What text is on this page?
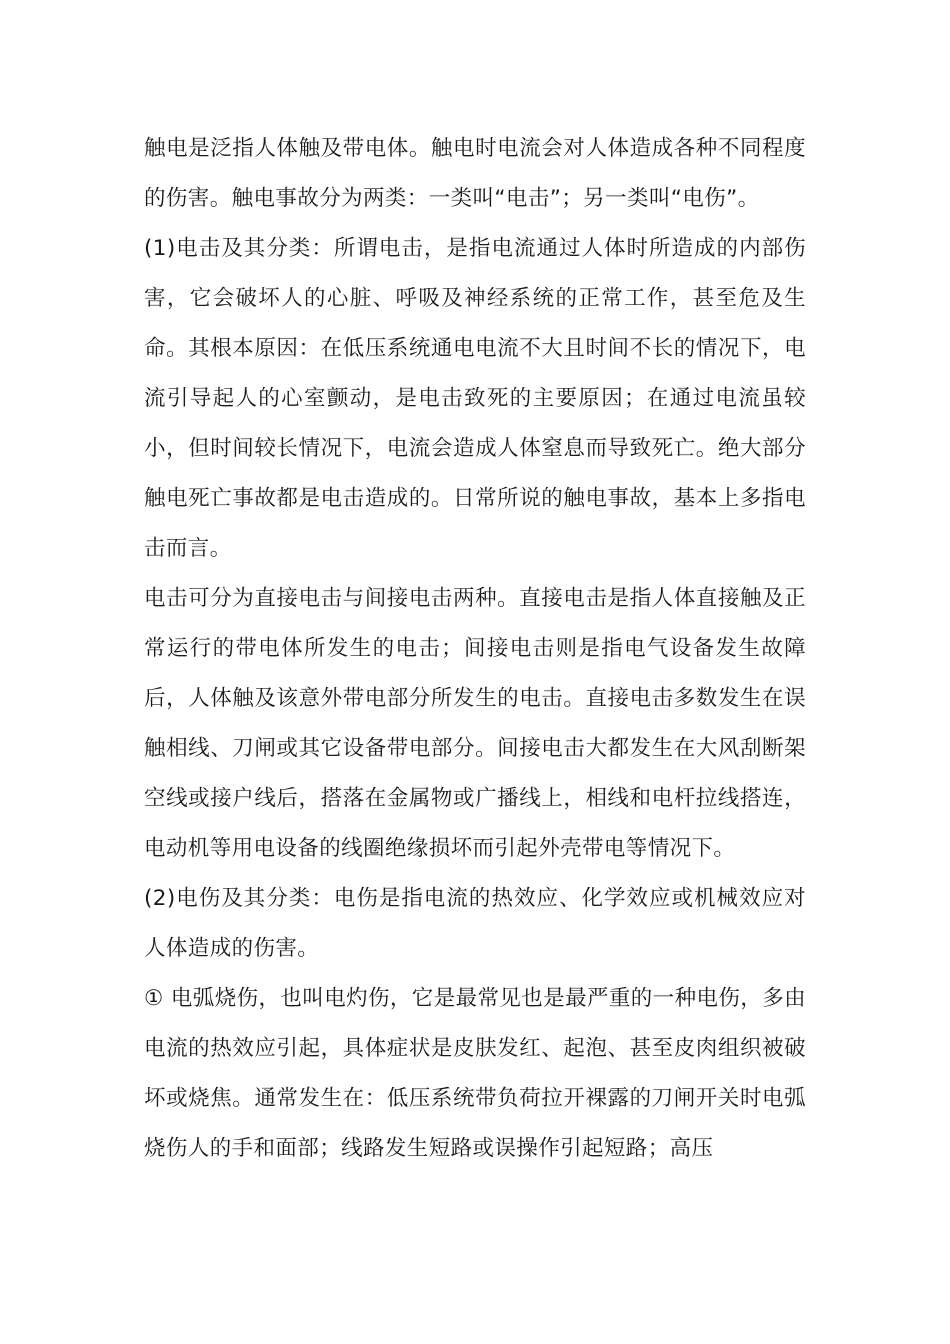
触电是泛指人体触及带电体。触电时电流会对人体造成各种不同程度的伤害。触电事故分为两类：一类叫“电击”；另一类叫“电伤”。

(1)电击及其分类：所谓电击，是指电流通过人体时所造成的内部伤害，它会破坏人的心脏、呼吸及神经系统的正常工作，甚至危及生命。其根本原因：在低压系统通电电流不大且时间不长的情况下，电流引导起人的心室颤动，是电击致死的主要原因；在通过电流虽较小，但时间较长情况下，电流会造成人体窒息而导致死亡。绝大部分触电死亡事故都是电击造成的。日常所说的触电事故，基本上多指电击而言。

电击可分为直接电击与间接电击两种。直接电击是指人体直接触及正常运行的带电体所发生的电击；间接电击则是指电气设备发生故障后，人体触及该意外带电部分所发生的电击。直接电击多数发生在误触相线、刀闸或其它设备带电部分。间接电击大都发生在大风刮断架空线或接户线后，搭落在金属物或广播线上，相线和电杆拉线搭连，电动机等用电设备的线圈绝缘损坏而引起外壳带电等情况下。

(2)电伤及其分类：电伤是指电流的热效应、化学效应或机械效应对人体造成的伤害。

① 电弧烧伤，也叫电灼伤，它是最常见也是最严重的一种电伤，多由电流的热效应引起，具体症状是皮肤发红、起泡、甚至皮肉组织被破坏或烧焦。通常发生在：低压系统带负荷拉开裸露的刀闸开关时电弧烧伤人的手和面部；线路发生短路或误操作引起短路；高压
